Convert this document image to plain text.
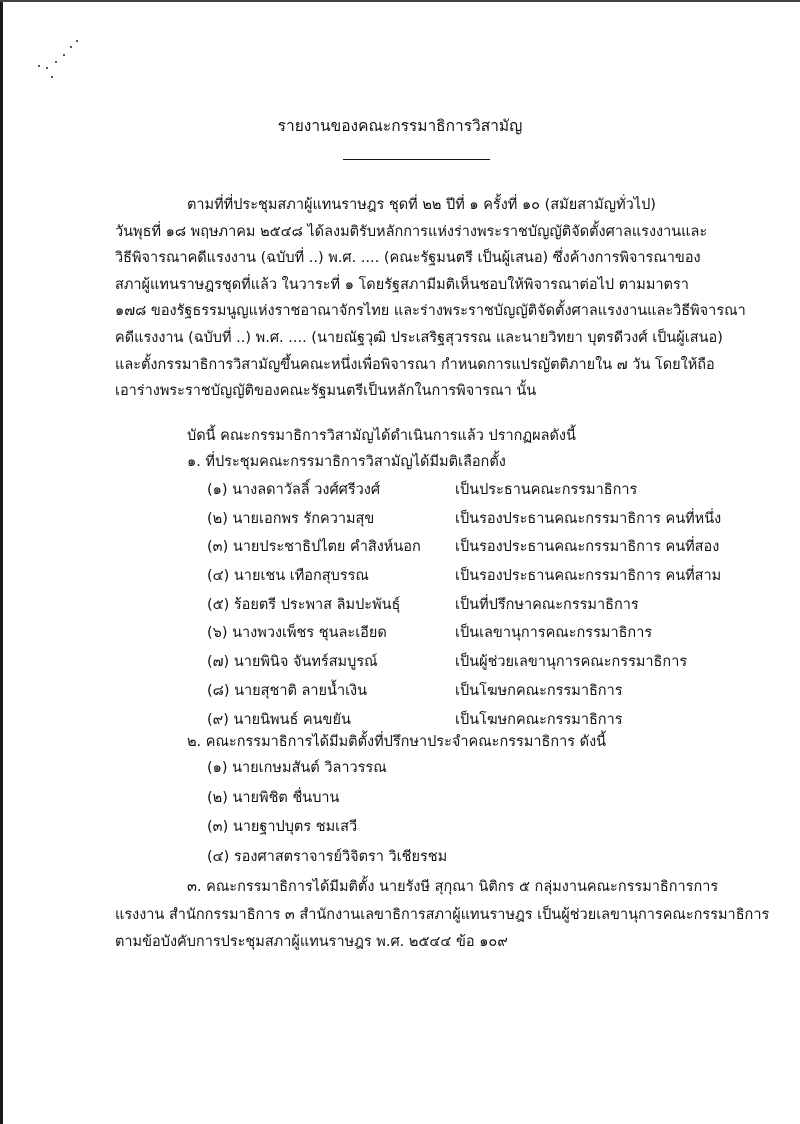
รายงานของคณะกรรมาธิการวิสามัญ
ตามที่ที่ประชุมสภาผู้แทนราษฎร ชุดที่ ๒๒ ปีที่ ๑ ครั้งที่ ๑๐ (สมัยสามัญทั่วไป)
วันพุธที่ ๑๘ พฤษภาคม ๒๕๔๘ ได้ลงมติรับหลักการแห่งร่างพระราชบัญญัติจัดตั้งศาลแรงงานและ
วิธีพิจารณาคดีแรงงาน (ฉบับที่ ..) พ.ศ. .... (คณะรัฐมนตรี เป็นผู้เสนอ) ซึ่งค้างการพิจารณาของ
สภาผู้แทนราษฎรชุดที่แล้ว ในวาระที่ ๑ โดยรัฐสภามีมติเห็นชอบให้พิจารณาต่อไป ตามมาตรา
๑๗๘ ของรัฐธรรมนูญแห่งราชอาณาจักรไทย และร่างพระราชบัญญัติจัดตั้งศาลแรงงานและวิธีพิจารณา
คดีแรงงาน (ฉบับที่ ..) พ.ศ. .... (นายณัฐวุฒิ ประเสริฐสุวรรณ และนายวิทยา บุตรดีวงศ์ เป็นผู้เสนอ)
และตั้งกรรมาธิการวิสามัญขึ้นคณะหนึ่งเพื่อพิจารณา กำหนดการแปรญัตติภายใน ๗ วัน โดยให้ถือ
เอาร่างพระราชบัญญัติของคณะรัฐมนตรีเป็นหลักในการพิจารณา นั้น
บัดนี้ คณะกรรมาธิการวิสามัญได้ดำเนินการแล้ว ปรากฏผลดังนี้
๑. ที่ประชุมคณะกรรมาธิการวิสามัญได้มีมติเลือกตั้ง
(๑) นางลดาวัลลิ์ วงศ์ศรีวงศ์	เป็นประธานคณะกรรมาธิการ
(๒) นายเอกพร รักความสุข	เป็นรองประธานคณะกรรมาธิการ คนที่หนึ่ง
(๓) นายประชาธิปไตย คำสิงห์นอก เป็นรองประธานคณะกรรมาธิการ คนที่สอง
(๔) นายเชน เทือกสุบรรณ	เป็นรองประธานคณะกรรมาธิการ คนที่สาม
(๕) ร้อยตรี ประพาส ลิมปะพันธุ์	เป็นที่ปรึกษาคณะกรรมาธิการ
(๖) นางพวงเพ็ชร ชุนละเอียด	เป็นเลขานุการคณะกรรมาธิการ
(๗) นายพินิจ จันทร์สมบูรณ์	เป็นผู้ช่วยเลขานุการคณะกรรมาธิการ
(๘) นายสุชาติ ลายน้ำเงิน	เป็นโฆษกคณะกรรมาธิการ
(๙) นายนิพนธ์ คนขยัน	เป็นโฆษกคณะกรรมาธิการ
๒. คณะกรรมาธิการได้มีมติตั้งที่ปรึกษาประจำคณะกรรมาธิการ ดังนี้
(๑) นายเกษมสันต์ วิลาวรรณ
(๒) นายพิชิต ชื่นบาน
(๓) นายฐาปบุตร ชมเสวี
(๔) รองศาสตราจารย์วิจิตรา วิเชียรชม
๓. คณะกรรมาธิการได้มีมติตั้ง นายรังษี สุกุณา นิติกร ๕ กลุ่มงานคณะกรรมาธิการการ
แรงงาน สำนักกรรมาธิการ ๓ สำนักงานเลขาธิการสภาผู้แทนราษฎร เป็นผู้ช่วยเลขานุการคณะกรรมาธิการ
ตามข้อบังคับการประชุมสภาผู้แทนราษฎร พ.ศ. ๒๕๔๔ ข้อ ๑๐๙
